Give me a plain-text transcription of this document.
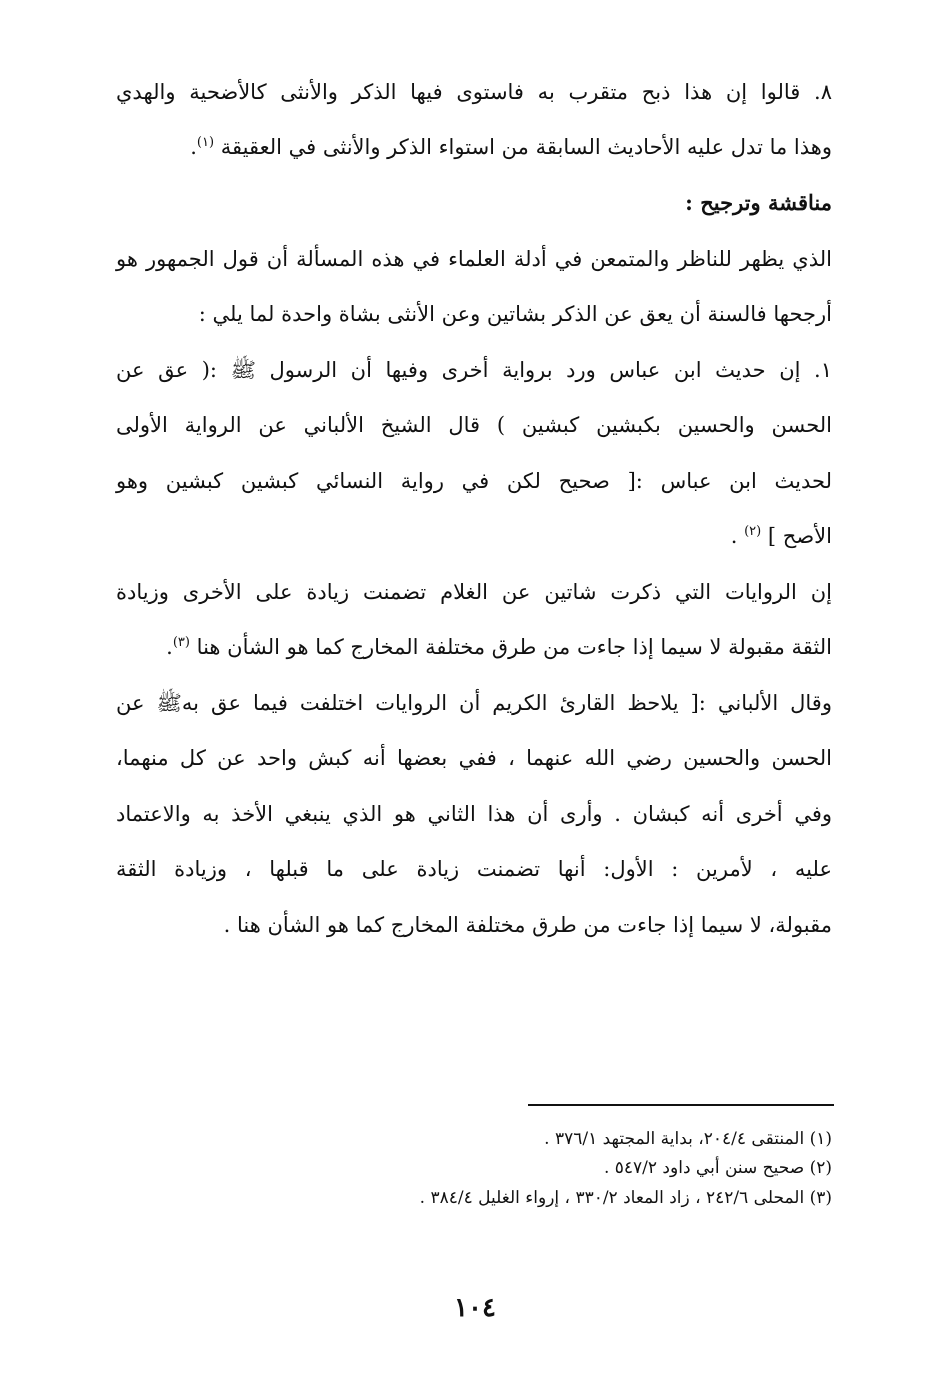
٨. قالوا إن هذا ذبح متقرب به فاستوى فيها الذكر والأنثى كالأضحية والهدي
وهذا ما تدل عليه الأحاديث السابقة من استواء الذكر والأنثى في العقيقة $^{(١)}$.
مناقشة وترجيح :
الذي يظهر للناظر والمتمعن في أدلة العلماء في هذه المسألة أن قول الجمهور هو
أرجحها فالسنة أن يعق عن الذكر بشاتين وعن الأنثى بشاة واحدة لما يلي :
١. إن حديث ابن عباس ورد برواية أخرى وفيها أن الرسول ﷺ :( عق عن
الحسن والحسين بكبشين كبشين ) قال الشيخ الألباني عن الرواية الأولى
لحديث ابن عباس :[ صحيح لكن في رواية النسائي كبشين كبشين وهو
الأصح ] $^{(٢)}$ .
إن الروايات التي ذكرت شاتين عن الغلام تضمنت زيادة على الأخرى وزيادة
الثقة مقبولة لا سيما إذا جاءت من طرق مختلفة المخارج كما هو الشأن هنا $^{(٣)}$.
وقال الألباني :[ يلاحظ القارئ الكريم أن الروايات اختلفت فيما عق بهﷺ عن
الحسن والحسين رضي الله عنهما ، ففي بعضها أنه كبش واحد عن كل منهما،
وفي أخرى أنه كبشان . وأرى أن هذا الثاني هو الذي ينبغي الأخذ به والاعتماد
عليه ، لأمرين : الأول: أنها تضمنت زيادة على ما قبلها ، وزيادة الثقة
مقبولة، لا سيما إذا جاءت من طرق مختلفة المخارج كما هو الشأن هنا .
(١) المنتقى ٢٠٤/٤، بداية المجتهد ٣٧٦/١ .
(٢) صحيح سنن أبي داود ٥٤٧/٢ .
(٣) المحلى ٢٤٢/٦ ، زاد المعاد ٣٣٠/٢ ، إرواء الغليل ٣٨٤/٤ .
١٠٤
